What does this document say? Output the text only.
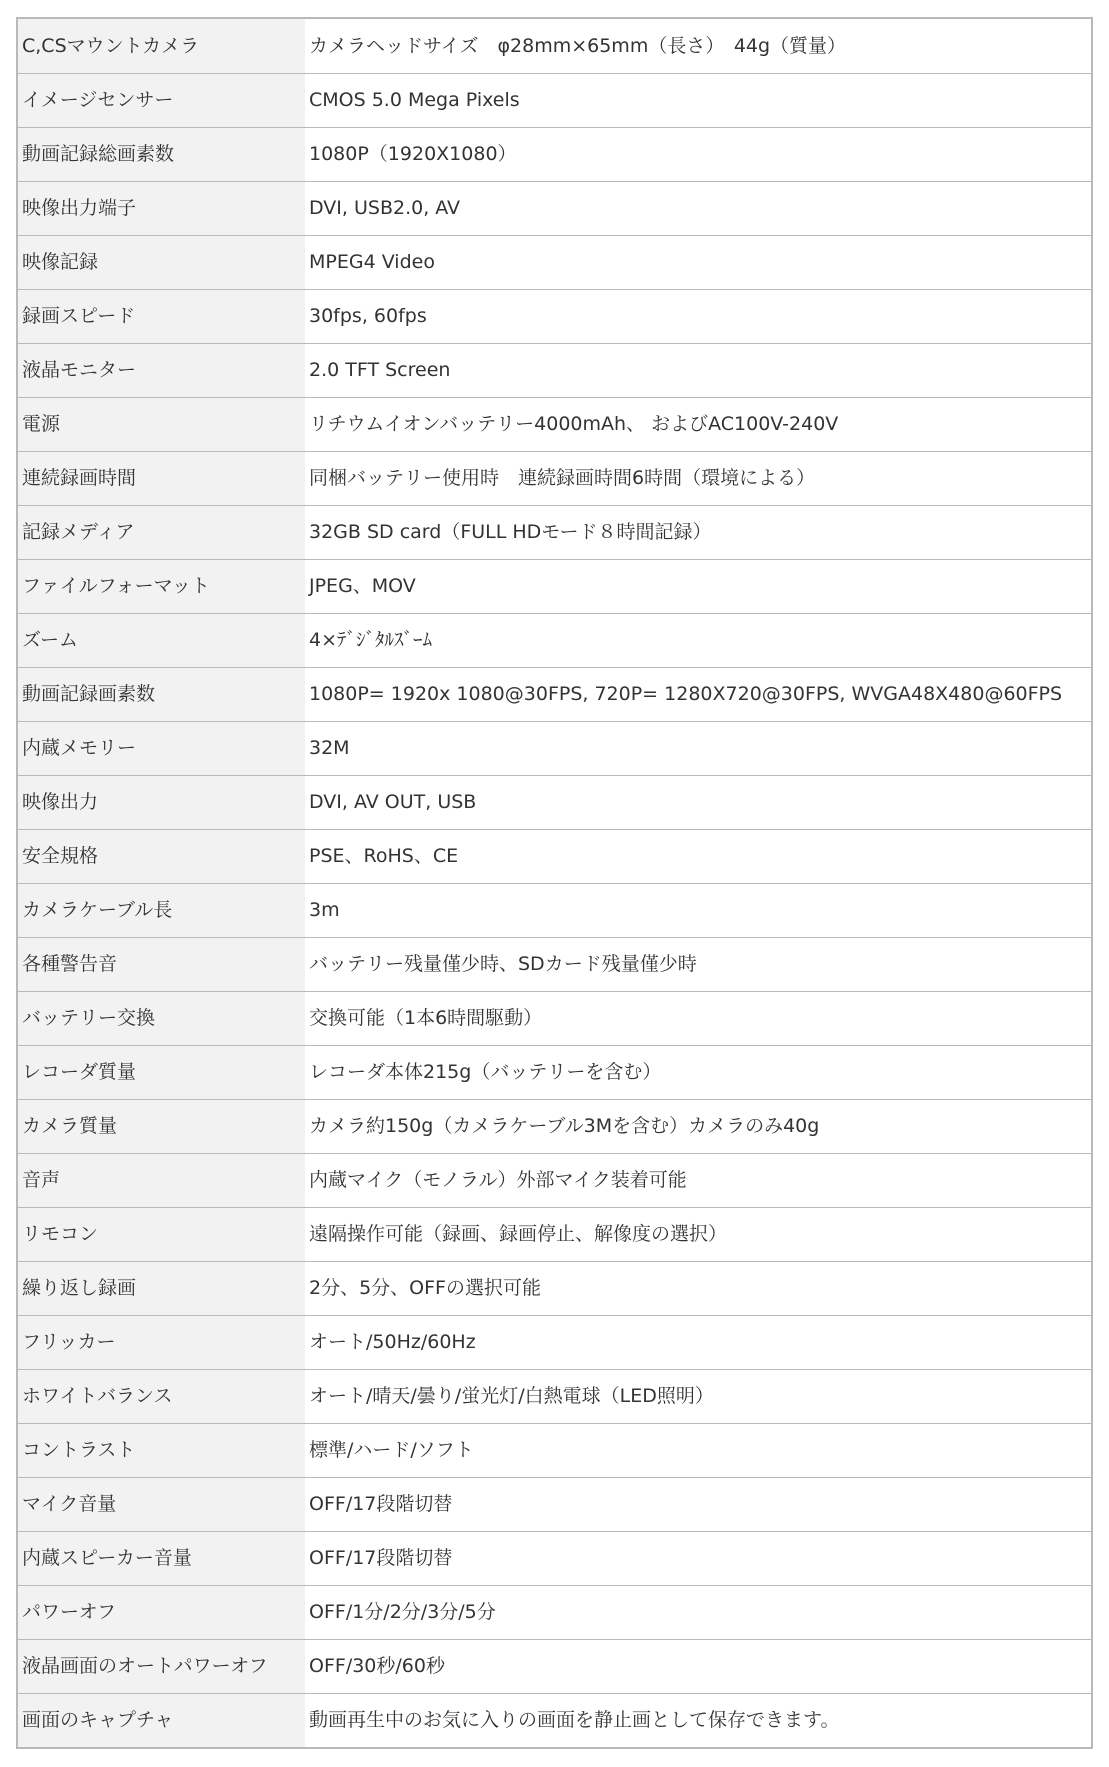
C,CSマウントカメラ	カメラヘッドサイズ　φ28mm×65mm（長さ）　44g（質量）
イメージセンサー	CMOS 5.0 Mega Pixels
動画記録総画素数	1080P（1920X1080）
映像出力端子	DVI, USB2.0, AV
映像記録	MPEG4 Video
録画スピード	30fps, 60fps
液晶モニター	2.0 TFT Screen
電源	リチウムイオンバッテリー4000mAh、 およびAC100V-240V
連続録画時間	同梱バッテリー使用時　連続録画時間6時間（環境による）
記録メディア	32GB SD card（FULL HDモード８時間記録）
ファイルフォーマット	JPEG、MOV
ズーム	4×ﾃﾞｼﾞﾀﾙｽﾞｰﾑ
動画記録画素数	1080P= 1920x 1080@30FPS, 720P= 1280X720@30FPS, WVGA48X480@60FPS
内蔵メモリー	32M
映像出力	DVI, AV OUT, USB
安全規格	PSE、RoHS、CE
カメラケーブル長	3m
各種警告音	バッテリー残量僅少時、SDカード残量僅少時
バッテリー交換	交換可能（1本6時間駆動）
レコーダ質量	レコーダ本体215g（バッテリーを含む）
カメラ質量	カメラ約150g（カメラケーブル3Mを含む）カメラのみ40g
音声	内蔵マイク（モノラル）外部マイク装着可能
リモコン	遠隔操作可能（録画、録画停止、解像度の選択）
繰り返し録画	2分、5分、OFFの選択可能
フリッカー	オート/50Hz/60Hz
ホワイトバランス	オート/晴天/曇り/蛍光灯/白熱電球（LED照明）
コントラスト	標準/ハード/ソフト
マイク音量	OFF/17段階切替
内蔵スピーカー音量	OFF/17段階切替
パワーオフ	OFF/1分/2分/3分/5分
液晶画面のオートパワーオフ	OFF/30秒/60秒
画面のキャプチャ	動画再生中のお気に入りの画面を静止画として保存できます。
